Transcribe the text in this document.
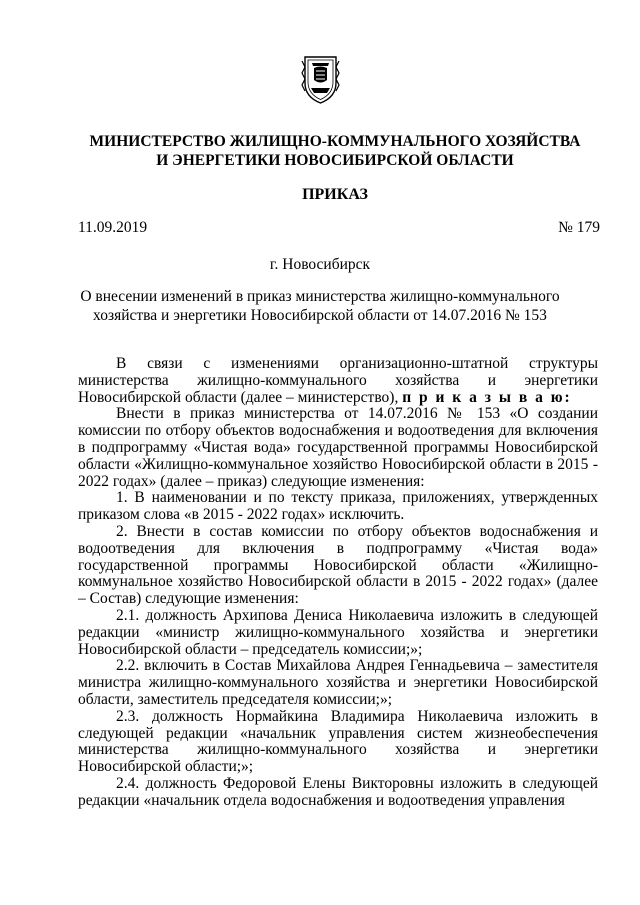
МИНИСТЕРСТВО ЖИЛИЩНО-КОММУНАЛЬНОГО ХОЗЯЙСТВА
И ЭНЕРГЕТИКИ НОВОСИБИРСКОЙ ОБЛАСТИ
ПРИКАЗ
11.09.2019	№ 179
г. Новосибирск
О внесении изменений в приказ министерства жилищно-коммунального
хозяйства и энергетики Новосибирской области от 14.07.2016 № 153

В связи с изменениями организационно-штатной структуры министерства жилищно-коммунального хозяйства и энергетики Новосибирской области (далее – министерство), п р и к а з ы в а ю:

Внести в приказ министерства от 14.07.2016 № 153 «О создании комиссии по отбору объектов водоснабжения и водоотведения для включения в подпрограмму «Чистая вода» государственной программы Новосибирской области «Жилищно-коммунальное хозяйство Новосибирской области в 2015 - 2022 годах» (далее – приказ) следующие изменения:

1. В наименовании и по тексту приказа, приложениях, утвержденных приказом слова «в 2015 - 2022 годах» исключить.

2. Внести в состав комиссии по отбору объектов водоснабжения и водоотведения для включения в подпрограмму «Чистая вода» государственной программы Новосибирской области «Жилищно-коммунальное хозяйство Новосибирской области в 2015 - 2022 годах» (далее – Состав) следующие изменения:

2.1. должность Архипова Дениса Николаевича изложить в следующей редакции «министр жилищно-коммунального хозяйства и энергетики Новосибирской области – председатель комиссии;»;

2.2. включить в Состав Михайлова Андрея Геннадьевича – заместителя министра жилищно-коммунального хозяйства и энергетики Новосибирской области, заместитель председателя комиссии;»;

2.3. должность Нормайкина Владимира Николаевича изложить в следующей редакции «начальник управления систем жизнеобеспечения министерства жилищно-коммунального хозяйства и энергетики Новосибирской области;»;

2.4. должность Федоровой Елены Викторовны изложить в следующей редакции «начальник отдела водоснабжения и водоотведения управления
